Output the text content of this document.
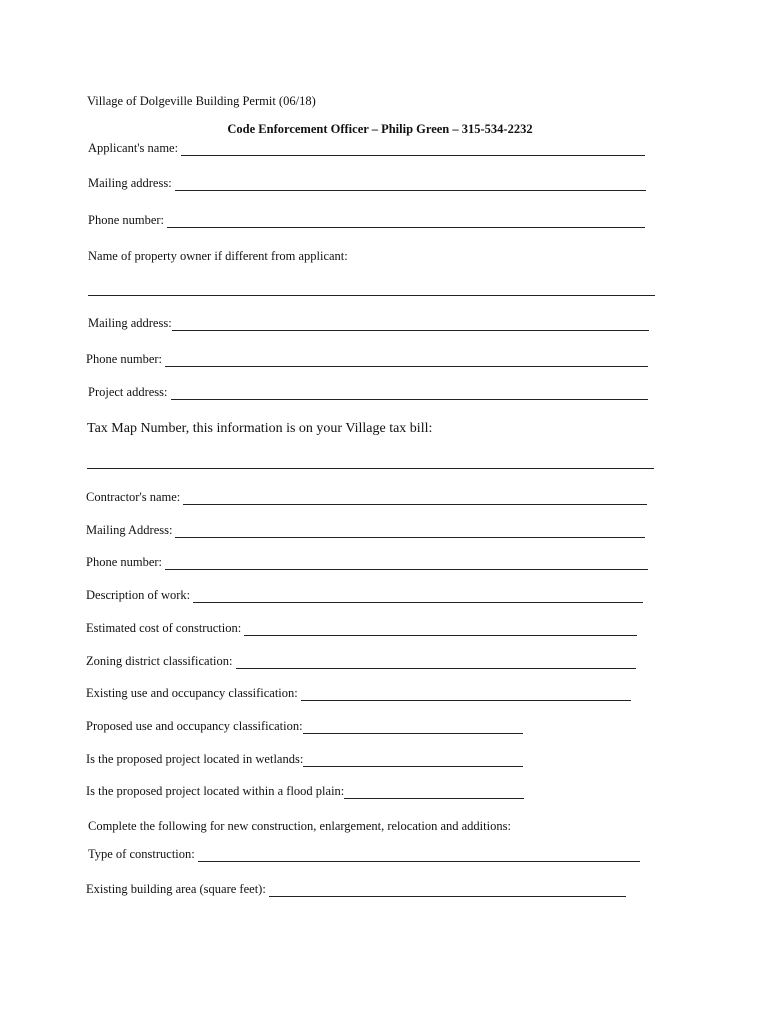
Village of Dolgeville Building Permit (06/18)
Code Enforcement Officer – Philip Green – 315-534-2232
Applicant's name:
Mailing address:
Phone number:
Name of property owner if different from applicant:
Mailing address:
Phone number:
Project address:
Tax Map Number, this information is on your Village tax bill:
Contractor's name:
Mailing Address:
Phone number:
Description of work:
Estimated cost of construction:
Zoning district classification:
Existing use and occupancy classification:
Proposed use and occupancy classification:
Is the proposed project located in wetlands:
Is the proposed project located within a flood plain:
Complete the following for new construction, enlargement, relocation and additions:
Type of construction:
Existing building area (square feet):
